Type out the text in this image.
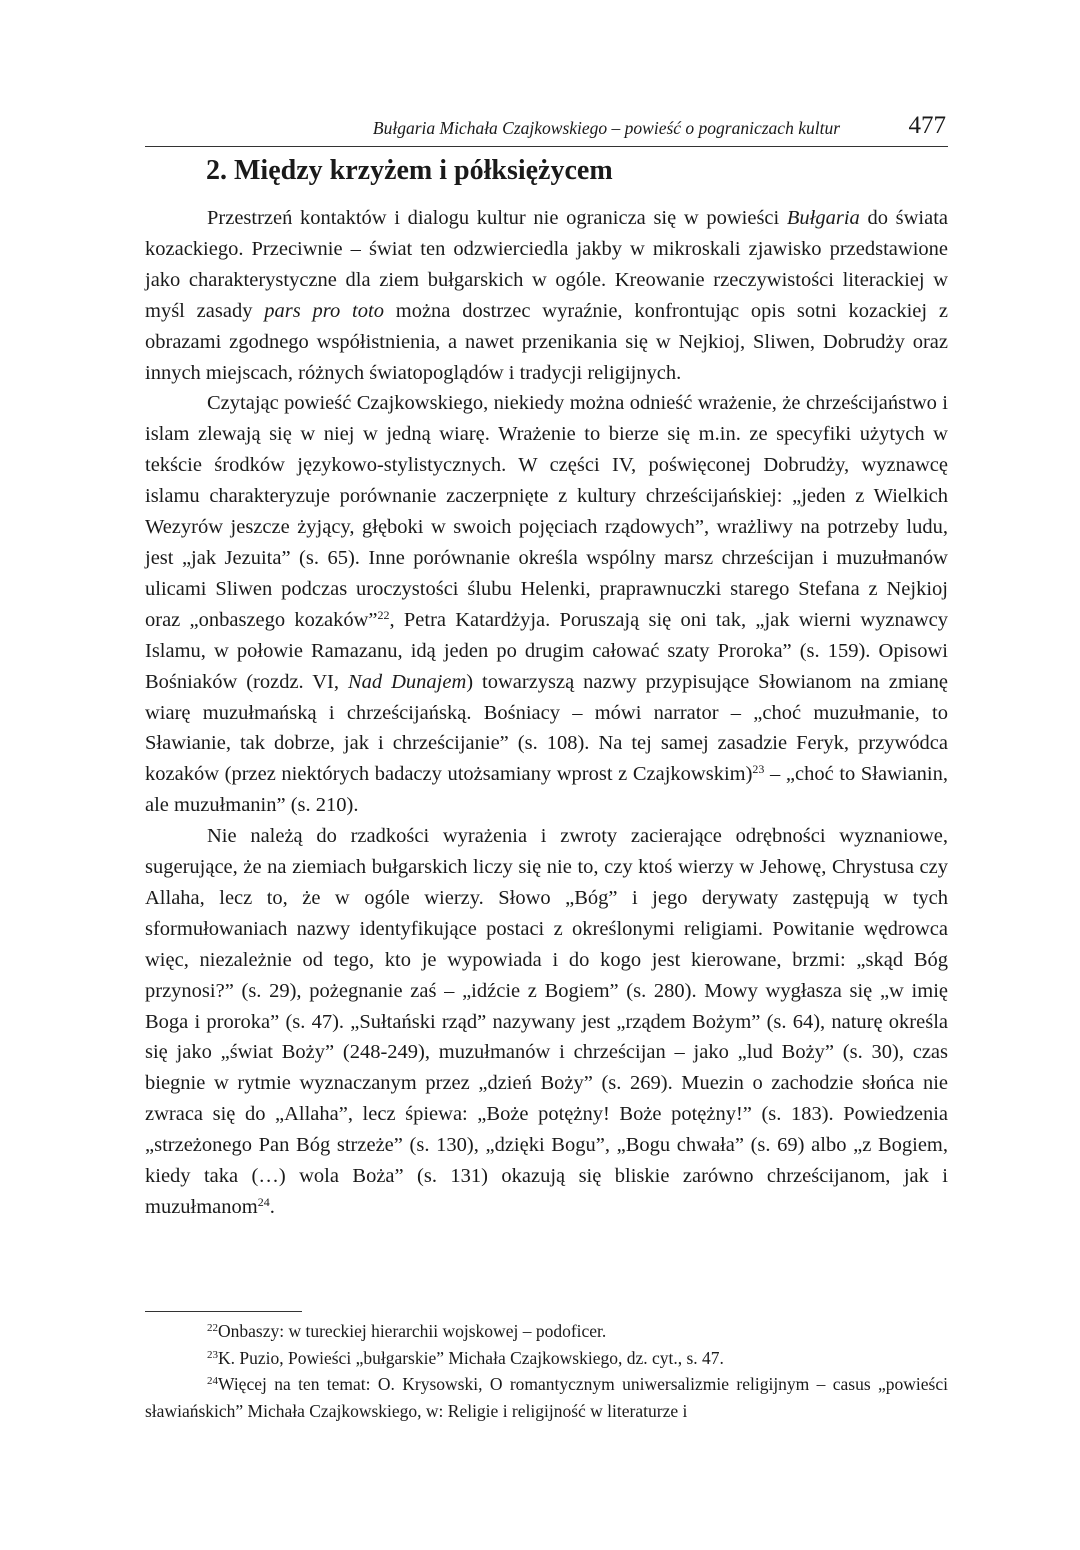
Bułgaria Michała Czajkowskiego – powieść o pograniczach kultur	477
2. Między krzyżem i półksiężycem

Przestrzeń kontaktów i dialogu kultur nie ogranicza się w powieści Bułgaria do świata kozackiego. Przeciwnie – świat ten odzwierciedla jakby w mikroskali zjawisko przedstawione jako charakterystyczne dla ziem bułgarskich w ogóle. Kreowanie rzeczywistości literackiej w myśl zasady pars pro toto można dostrzec wyraźnie, konfrontując opis sotni kozackiej z obrazami zgodnego współistnienia, a nawet przenikania się w Nejkioj, Sliwen, Dobrudży oraz innych miejscach, różnych światopoglądów i tradycji religijnych.

Czytając powieść Czajkowskiego, niekiedy można odnieść wrażenie, że chrześcijaństwo i islam zlewają się w niej w jedną wiarę. Wrażenie to bierze się m.in. ze specyfiki użytych w tekście środków językowo-stylistycznych. W części IV, poświęconej Dobrudży, wyznawcę islamu charakteryzuje porównanie zaczerpnięte z kultury chrześcijańskiej: „jeden z Wielkich Wezyrów jeszcze żyjący, głęboki w swoich pojęciach rządowych”, wrażliwy na potrzeby ludu, jest „jak Jezuita” (s. 65). Inne porównanie określa wspólny marsz chrześcijan i muzułmanów ulicami Sliwen podczas uroczystości ślubu Helenki, praprawnuczki starego Stefana z Nejkioj oraz „onbaszego kozaków”$^{22}$, Petra Katardżyja. Poruszają się oni tak, „jak wierni wyznawcy Islamu, w połowie Ramazanu, idą jeden po drugim całować szaty Proroka” (s. 159). Opisowi Bośniaków (rozdz. VI, Nad Dunajem) towarzyszą nazwy przypisujące Słowianom na zmianę wiarę muzułmańską i chrześcijańską. Bośniacy – mówi narrator – „choć muzułmanie, to Sławianie, tak dobrze, jak i chrześcijanie” (s. 108). Na tej samej zasadzie Feryk, przywódca kozaków (przez niektórych badaczy utożsamiany wprost z Czajkowskim)$^{23}$ – „choć to Sławianin, ale muzułmanin” (s. 210).

Nie należą do rzadkości wyrażenia i zwroty zacierające odrębności wyznaniowe, sugerujące, że na ziemiach bułgarskich liczy się nie to, czy ktoś wierzy w Jehowę, Chrystusa czy Allaha, lecz to, że w ogóle wierzy. Słowo „Bóg” i jego derywaty zastępują w tych sformułowaniach nazwy identyfikujące postaci z określonymi religiami. Powitanie wędrowca więc, niezależnie od tego, kto je wypowiada i do kogo jest kierowane, brzmi: „skąd Bóg przynosi?” (s. 29), pożegnanie zaś – „idźcie z Bogiem” (s. 280). Mowy wygłasza się „w imię Boga i proroka” (s. 47). „Sułtański rząd” nazywany jest „rządem Bożym” (s. 64), naturę określa się jako „świat Boży” (248-249), muzułmanów i chrześcijan – jako „lud Boży” (s. 30), czas biegnie w rytmie wyznaczanym przez „dzień Boży” (s. 269). Muezin o zachodzie słońca nie zwraca się do „Allaha”, lecz śpiewa: „Boże potężny! Boże potężny!” (s. 183). Powiedzenia „strzeżonego Pan Bóg strzeże” (s. 130), „dzięki Bogu”, „Bogu chwała” (s. 69) albo „z Bogiem, kiedy taka (…) wola Boża” (s. 131) okazują się bliskie zarówno chrześcijanom, jak i muzułmanom$^{24}$.

$^{22}$Onbaszy: w tureckiej hierarchii wojskowej – podoficer.

$^{23}$K. Puzio, Powieści „bułgarskie” Michała Czajkowskiego, dz. cyt., s. 47.

$^{24}$Więcej na ten temat: O. Krysowski, O romantycznym uniwersalizmie religijnym – casus „powieści sławiańskich” Michała Czajkowskiego, w: Religie i religijność w literaturze i
